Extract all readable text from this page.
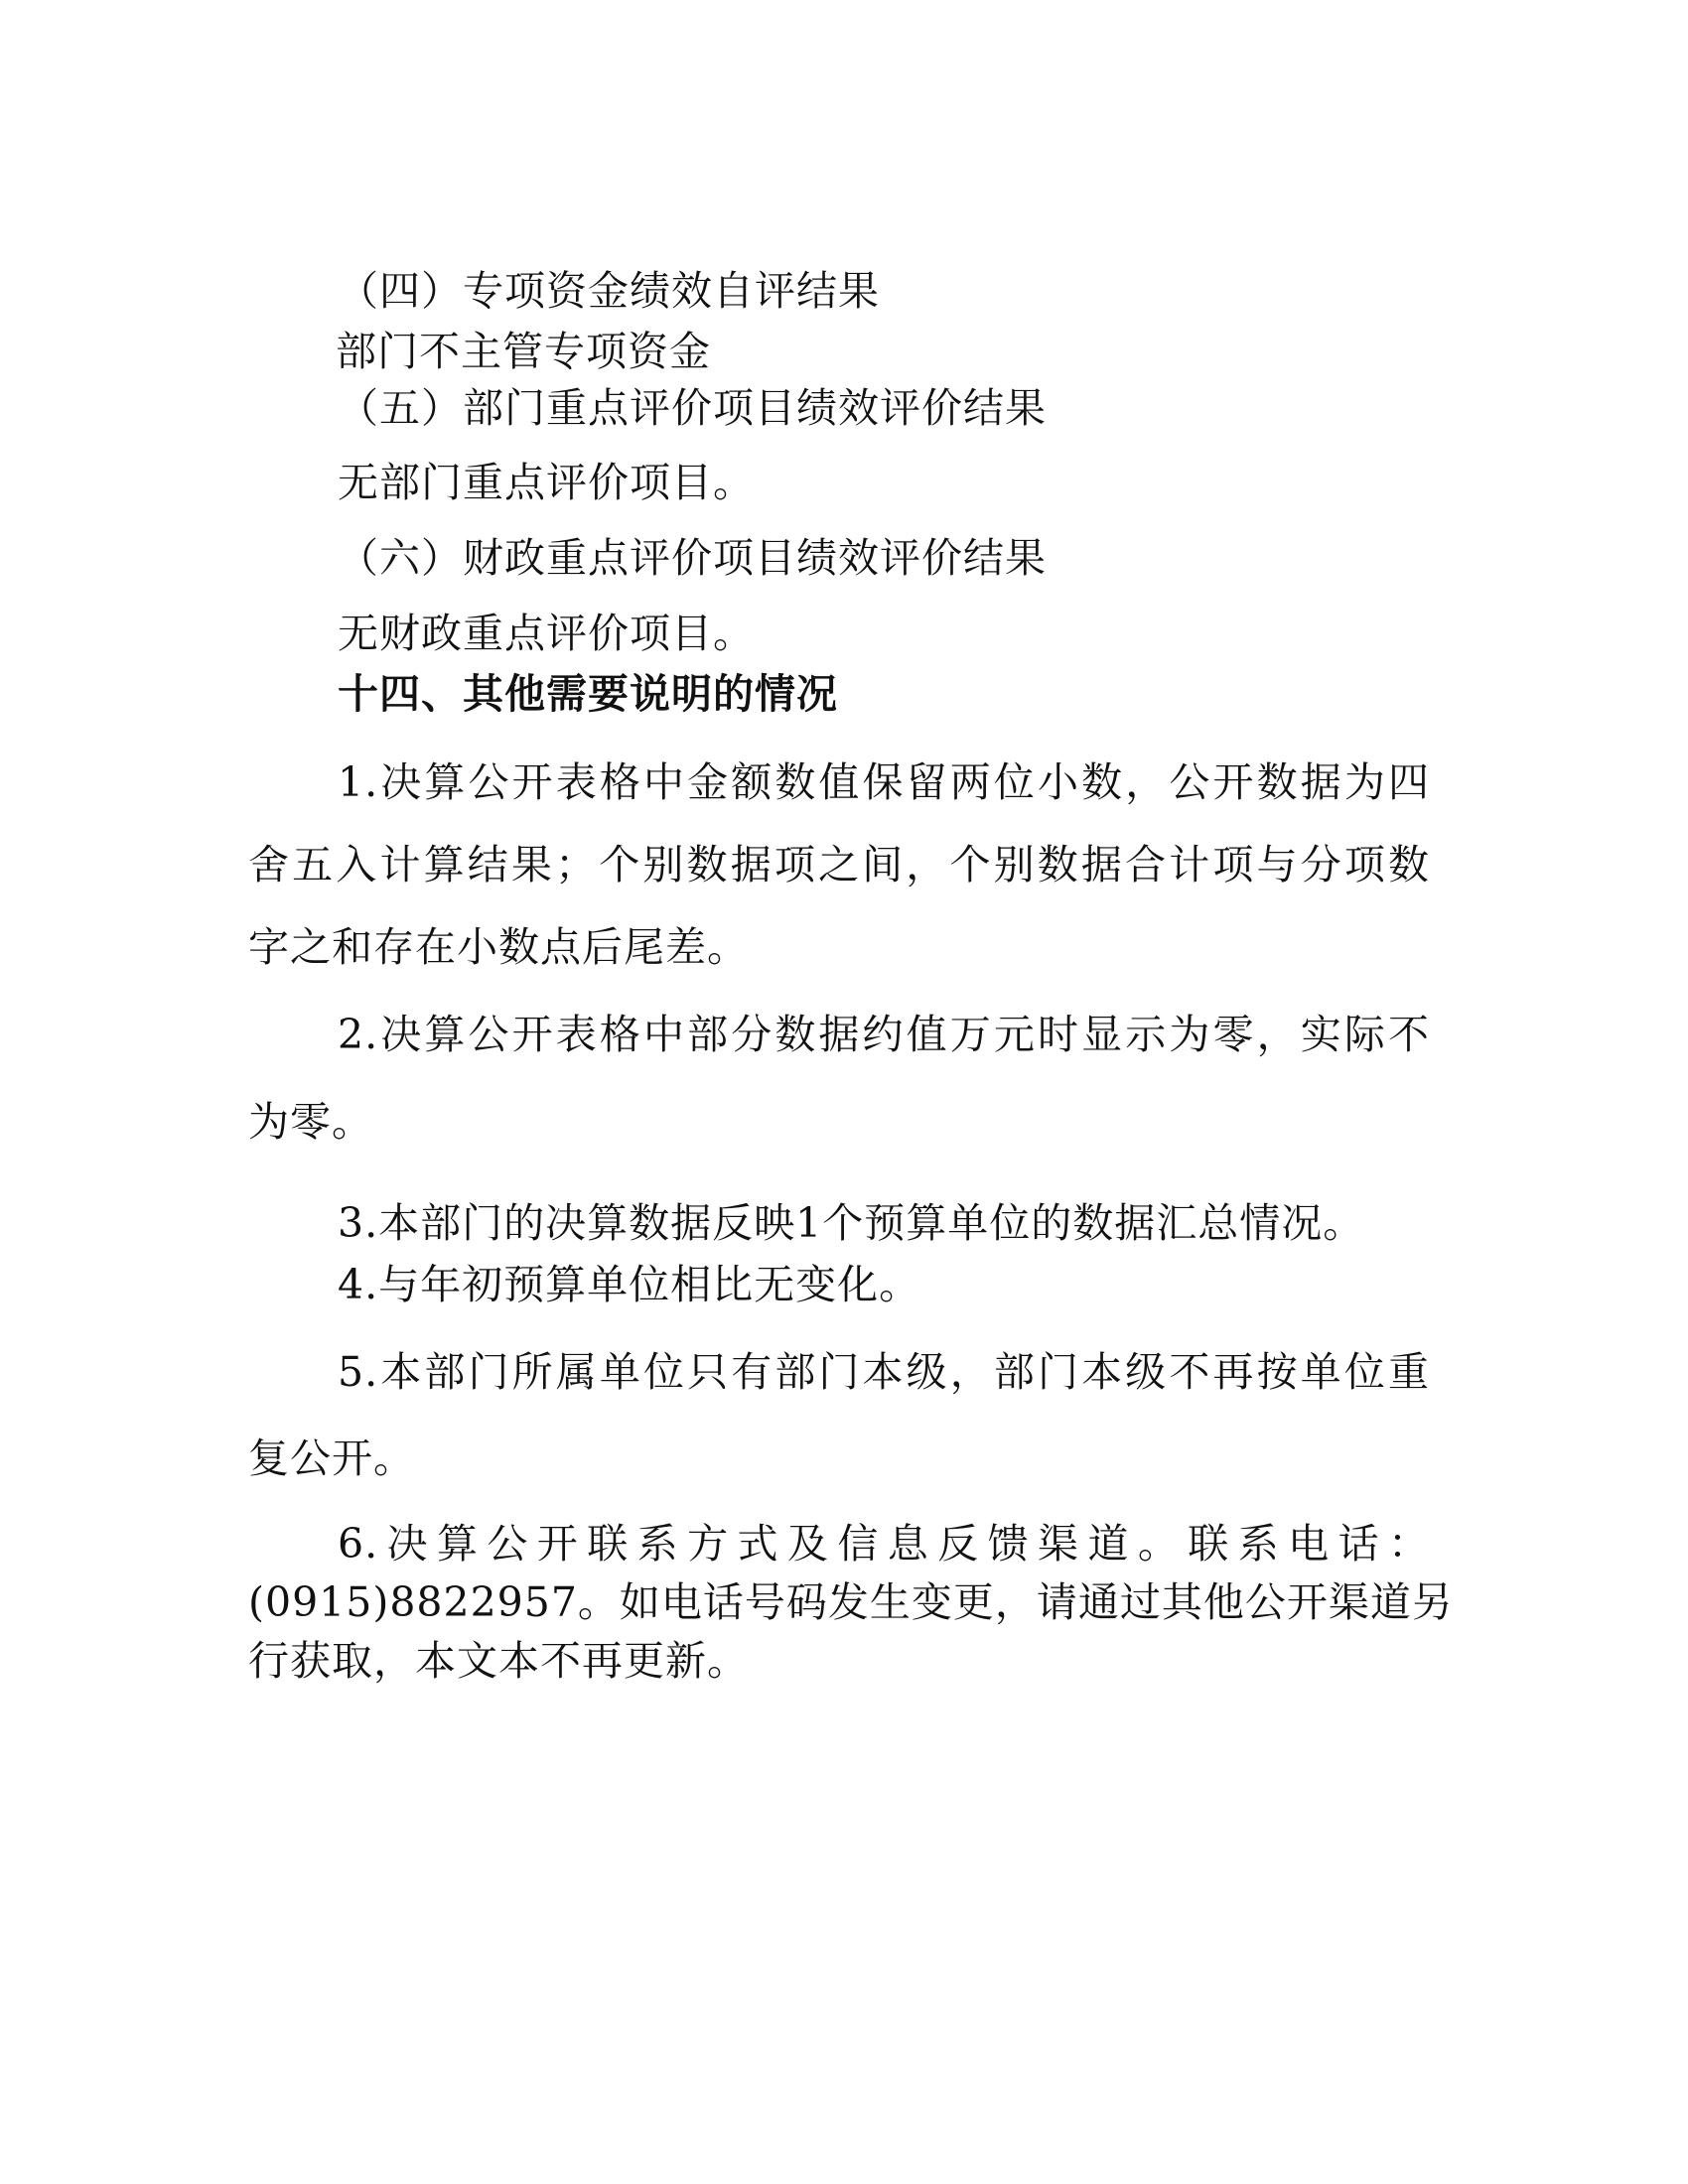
（四）专项资金绩效自评结果

部门不主管专项资金

（五）部门重点评价项目绩效评价结果

无部门重点评价项目。

（六）财政重点评价项目绩效评价结果

无财政重点评价项目。

十四、其他需要说明的情况

1.决算公开表格中金额数值保留两位小数，公开数据为四

舍五入计算结果；个别数据项之间，个别数据合计项与分项数

字之和存在小数点后尾差。

2.决算公开表格中部分数据约值万元时显示为零，实际不

为零。

3.本部门的决算数据反映1个预算单位的数据汇总情况。

4.与年初预算单位相比无变化。

5.本部门所属单位只有部门本级，部门本级不再按单位重

复公开。

6.决算公开联系方式及信息反馈渠道。联系电话：

(0915)8822957。如电话号码发生变更，请通过其他公开渠道另

行获取，本文本不再更新。
